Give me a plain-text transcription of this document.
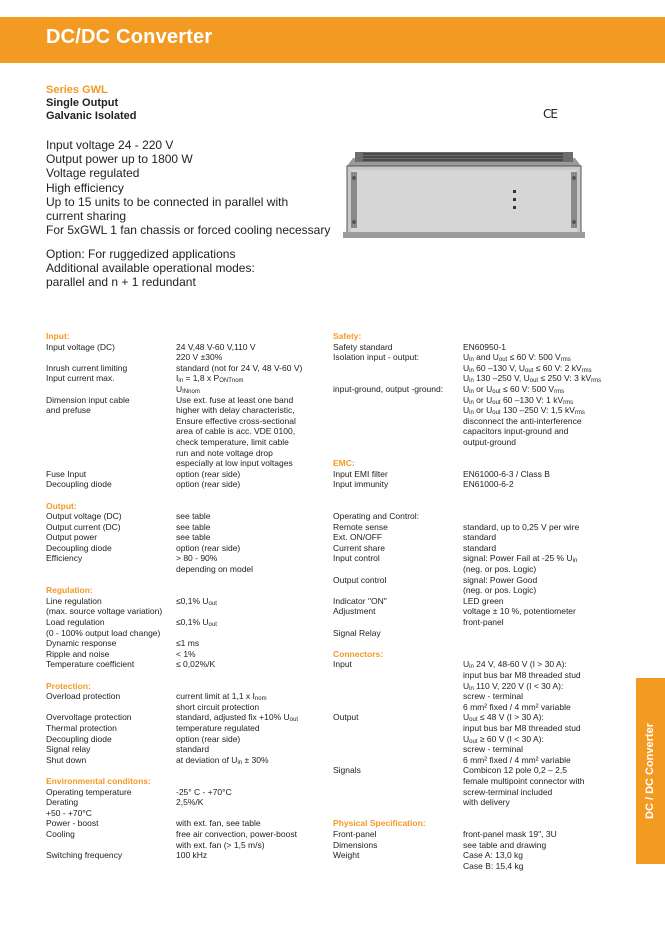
DC/DC Converter
Series GWL
Single Output
Galvanic Isolated	CE
Input voltage 24 - 220 V
Output power up to 1800 W
Voltage regulated
High efficiency
Up to 15 units to be connected in parallel with
current sharing
For 5xGWL 1 fan chassis or forced cooling necessary
Option: For ruggedized applications
Additional available operational modes:
parallel and n + 1 redundant
Input:
Input voltage (DC)	24 V,48 V-60 V,110 V
220 V ±30%
Inrush current limiting	standard (not for 24 V, 48 V-60 V)
Input current max.	$I_{in} = 1,8$ x $P_{ONTnom}$
$U_{INnom}$
Dimension input cable	Use ext. fuse at least one band
and prefuse	higher with delay characteristic,
Ensure effective cross-sectional
area of cable is acc. VDE 0100,
check temperature, limit cable
run and note voltage drop
especially at low input voltages
Fuse Input	option (rear side)
Decoupling diode	option (rear side)
Output:
Output voltage (DC)	see table
Output current (DC)	see table
Output power	see table
Decoupling diode	option (rear side)
Efficiency	> 80 - 90%
depending on model
Regulation:
Line regulation	≤0,1% $U_{out}$
(max. source voltage variation)
Load regulation	≤0,1% $U_{out}$
(0 - 100% output load change)
Dynamic response	≤1 ms
Ripple and noise	< 1%
Temperature coefficient	≤ 0,02%/K
Protection:
Overload protection	current limit at 1,1 x $I_{nom}$
short circuit protection
Overvoltage protection	standard, adjusted fix +10% $U_{out}$
Thermal protection	temperature regulated
Decoupling diode	option (rear side)
Signal relay	standard
Shut down	at deviation of $U_{in} \pm 30\%$
Environmental conditons:
Operating temperature	-25° C - +70°C
Derating	2,5%/K
+50 - +70°C
Power - boost	with ext. fan, see table
Cooling	free air convection, power-boost
with ext. fan (> 1,5 m/s)
Switching frequency	100 kHz
Safety:
Safety standard	EN60950-1
Isolation input - output:	$U_{in}$ and $U_{out} \le 60$ V: 500 $V_{rms}$
$U_{in}$ 60 –130 V, $U_{out} \le 60$ V: 2 $kV_{rms}$
$U_{in}$ 130 –250 V, $U_{out} \le 250$ V: 3 $kV_{rms}$
input-ground, output -ground: $U_{in}$ or $U_{out} \le 60$ V: 500 $V_{rms}$
$U_{in}$ or $U_{out}$ 60 –130 V: 1 $kV_{rms}$
$U_{in}$ or $U_{out}$ 130 –250 V: 1,5 $kV_{rms}$
disconnect the anti-interference
capacitors input-ground and
output-ground
EMC:
Input EMI filter	EN61000-6-3 / Class B
Input immunity	EN61000-6-2
Operating and Control:
Remote sense	standard, up to 0,25 V per wire
Ext. ON/OFF	standard
Current share	standard
Input control	signal: Power Fail at -25 % $U_{in}$
(neg. or pos. Logic)
Output control	signal: Power Good
(neg. or pos. Logic)
Indicator "ON"	LED green
Adjustment	voltage ± 10 %, potentiometer
front-panel
Signal Relay
Connectors:
Input	$U_{in}$ 24 V, 48-60 V (I > 30 A):
input bus bar M8 threaded stud
$U_{in}$ 110 V, 220 V (I < 30 A):
screw - terminal
6 mm² fixed / 4 mm² variable
Output	$U_{out} \le 48$ V (I > 30 A):
input bus bar M8 threaded stud
$U_{out} \ge 60$ V (I < 30 A):
screw - terminal
6 mm² fixed / 4 mm² variable
Signals	Combicon 12 pole 0,2 – 2,5
female multipoint connector with
screw-terminal included
with delivery
Physical Specification:
Front-panel	front-panel mask 19", 3U
Dimensions	see table and drawing
Weight	Case A: 13,0 kg
Case B: 15,4 kg
DC / DC Converter
